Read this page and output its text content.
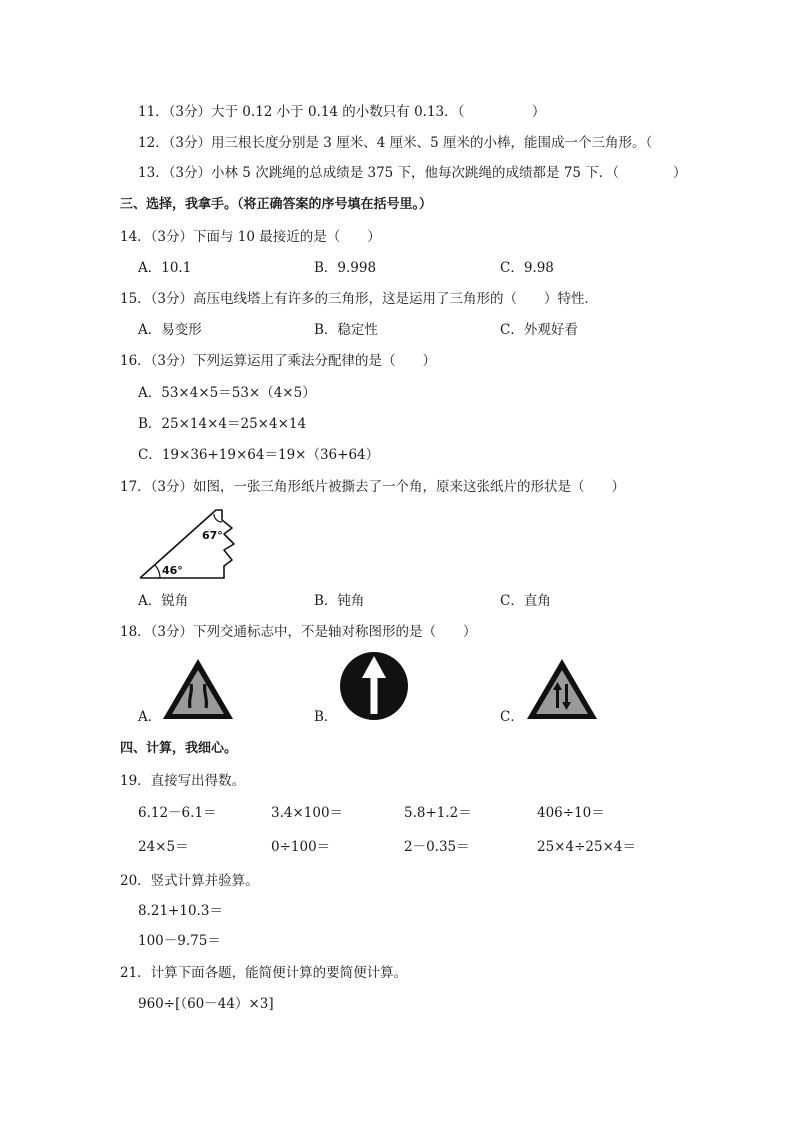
11．（3分）大于 0.12 小于 0.14 的小数只有 0.13．（　　　　　）
12．（3分）用三根长度分别是 3 厘米、4 厘米、5 厘米的小棒，能围成一个三角形。（
13．（3分）小林 5 次跳绳的总成绩是 375 下，他每次跳绳的成绩都是 75 下．（　　　　）
三、选择，我拿手。（将正确答案的序号填在括号里。）
14．（3分）下面与 10 最接近的是（　　）
A．10.1	B．9.998	C．9.98
15．（3分）高压电线塔上有许多的三角形，这是运用了三角形的（　　）特性．
A．易变形	B．稳定性	C．外观好看
16．（3分）下列运算运用了乘法分配律的是（　　）
A．53×4×5＝53×（4×5）
B．25×14×4＝25×4×14
C．19×36+19×64＝19×（36+64）
17．（3分）如图，一张三角形纸片被撕去了一个角，原来这张纸片的形状是（　　）
67°
46°
A．锐角	B．钝角	C．直角
18．（3分）下列交通标志中，不是轴对称图形的是（　　）
A．	B．	C．
四、计算，我细心。
19．直接写出得数。
6.12－6.1＝	3.4×100＝	5.8+1.2＝	406÷10＝
24×5＝	0÷100＝	2－0.35＝	25×4÷25×4＝
20．竖式计算并验算。
8.21+10.3＝
100－9.75＝
21．计算下面各题，能简便计算的要简便计算。
960÷[（60－44）×3]
